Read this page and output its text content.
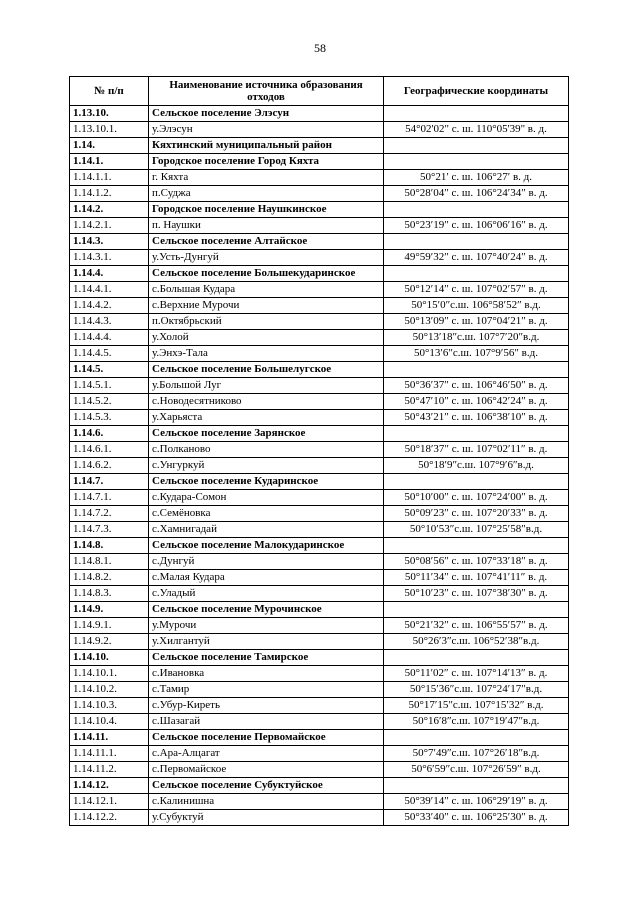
58
№ п/п	Наименование источника образования отходов	Географические координаты
1.13.10.	Сельское поселение Элэсун	
1.13.10.1.	у.Элэсун	54°02'02" с. ш. 110°05'39" в. д.
1.14.	Кяхтинский муниципальный район	
1.14.1.	Городское поселение Город Кяхта	
1.14.1.1.	г. Кяхта	50°21′ с. ш. 106°27′ в. д.
1.14.1.2.	п.Суджа	50°28′04″ с. ш. 106°24′34″ в. д.
1.14.2.	Городское поселение Наушкинское	
1.14.2.1.	п. Наушки	50°23′19″ с. ш. 106°06′16″ в. д.
1.14.3.	Сельское поселение Алтайское	
1.14.3.1.	у.Усть-Дунгуй	49°59′32″ с. ш. 107°40′24″ в. д.
1.14.4.	Сельское поселение Большекударинское	
1.14.4.1.	с.Большая Кудара	50°12′14″ с. ш. 107°02′57″ в. д.
1.14.4.2.	с.Верхние Мурочи	50°15′0″с.ш. 106°58′52″ в.д.
1.14.4.3.	п.Октябрьский	50°13′09″ с. ш. 107°04′21″ в. д.
1.14.4.4.	у.Холой	50°13′18″с.ш. 107°7′20″в.д.
1.14.4.5.	у.Энхэ-Тала	50°13′6″с.ш. 107°9′56″ в.д.
1.14.5.	Сельское поселение Большелугское	
1.14.5.1.	у.Большой Луг	50°36′37″ с. ш. 106°46′50″ в. д.
1.14.5.2.	с.Новодесятниково	50°47′10″ с. ш. 106°42′24″ в. д.
1.14.5.3.	у.Харьяста	50°43′21″ с. ш. 106°38′10″ в. д.
1.14.6.	Сельское поселение Зарянское	
1.14.6.1.	с.Полканово	50°18′37″ с. ш. 107°02′11″ в. д.
1.14.6.2.	с.Унгуркуй	50°18′9″с.ш. 107°9′6″в.д.
1.14.7.	Сельское поселение Кударинское	
1.14.7.1.	с.Кудара-Сомон	50°10′00″ с. ш. 107°24′00″ в. д.
1.14.7.2.	с.Семёновка	50°09′23″ с. ш. 107°20′33″ в. д.
1.14.7.3.	с.Хамнигадай	50°10′53″с.ш. 107°25′58″в.д.
1.14.8.	Сельское поселение Малокударинское	
1.14.8.1.	с.Дунгуй	50°08′56″ с. ш. 107°33′18″ в. д.
1.14.8.2.	с.Малая Кудара	50°11′34″ с. ш. 107°41′11″ в. д.
1.14.8.3.	с.Уладый	50°10′23″ с. ш. 107°38′30″ в. д.
1.14.9.	Сельское поселение Мурочинское	
1.14.9.1.	у.Мурочи	50°21′32″ с. ш. 106°55′57″ в. д.
1.14.9.2.	у.Хилгантуй	50°26′3″с.ш. 106°52′38″в.д.
1.14.10.	Сельское поселение Тамирское	
1.14.10.1.	с.Ивановка	50°11′02″ с. ш. 107°14′13″ в. д.
1.14.10.2.	с.Тамир	50°15′36″с.ш. 107°24′17″в.д.
1.14.10.3.	с.Убур-Киреть	50°17′15″с.ш. 107°15′32″ в.д.
1.14.10.4.	с.Шазагай	50°16′8″с.ш. 107°19′47″в.д.
1.14.11.	Сельское поселение Первомайское	
1.14.11.1.	с.Ара-Алцагат	50°7′49″с.ш. 107°26′18″в.д.
1.14.11.2.	с.Первомайское	50°6′59″с.ш. 107°26′59″ в.д.
1.14.12.	Сельское поселение Субуктуйское	
1.14.12.1.	с.Калинишна	50°39′14″ с. ш. 106°29′19″ в. д.
1.14.12.2.	у.Субуктуй	50°33′40″ с. ш. 106°25′30″ в. д.
